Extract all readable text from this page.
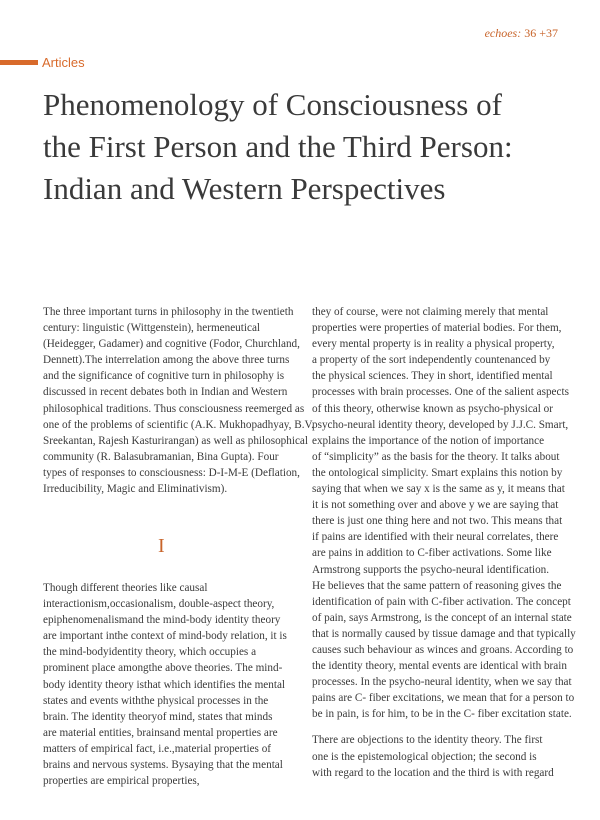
echoes: 36 +37
Articles
Phenomenology of Consciousness of
the First Person and the Third Person:
Indian and Western Perspectives

The three important turns in philosophy in the twentieth
century: linguistic (Wittgenstein), hermeneutical
(Heidegger, Gadamer) and cognitive (Fodor, Churchland,
Dennett).The interrelation among the above three turns
and the significance of cognitive turn in philosophy is
discussed in recent debates both in Indian and Western
philosophical traditions. Thus consciousness reemerged as
one of the problems of scientific (A.K. Mukhopadhyay, B.V.
Sreekantan, Rajesh Kasturirangan) as well as philosophical
community (R. Balasubramanian, Bina Gupta). Four
types of responses to consciousness: D-I-M-E (Deflation,
Irreducibility, Magic and Eliminativism).

I
Though different theories like causal interactionism,occasionalism, double-aspect theory, epiphenomenalismand the mind-body identity theory are important inthe context of mind-body relation, it is the mind-bodyidentity theory, which occupies a prominent place amongthe above theories. The mind-body identity theory isthat which identifies the mental states and events withthe physical processes in the brain. The identity theoryof mind, states that minds are material entities, brainsand mental properties are matters of empirical fact, i.e.,material properties of brains and nervous systems. Bysaying that the mental properties are empirical properties,

they of course, were not claiming merely that mental
properties were properties of material bodies. For them,
every mental property is in reality a physical property,
a property of the sort independently countenanced by
the physical sciences. They in short, identified mental
processes with brain processes. One of the salient aspects
of this theory, otherwise known as psycho-physical or
psycho-neural identity theory, developed by J.J.C. Smart,
explains the importance of the notion of importance
of “simplicity” as the basis for the theory. It talks about
the ontological simplicity. Smart explains this notion by
saying that when we say x is the same as y, it means that
it is not something over and above y we are saying that
there is just one thing here and not two. This means that
if pains are identified with their neural correlates, there
are pains in addition to C-fiber activations. Some like
Armstrong supports the psycho-neural identification.
He believes that the same pattern of reasoning gives the
identification of pain with C-fiber activation. The concept
of pain, says Armstrong, is the concept of an internal state
that is normally caused by tissue damage and that typically
causes such behaviour as winces and groans. According to
the identity theory, mental events are identical with brain
processes. In the psycho-neural identity, when we say that
pains are C- fiber excitations, we mean that for a person to
be in pain, is for him, to be in the C- fiber excitation state.

There are objections to the identity theory. The first
one is the epistemological objection; the second is
with regard to the location and the third is with regard
